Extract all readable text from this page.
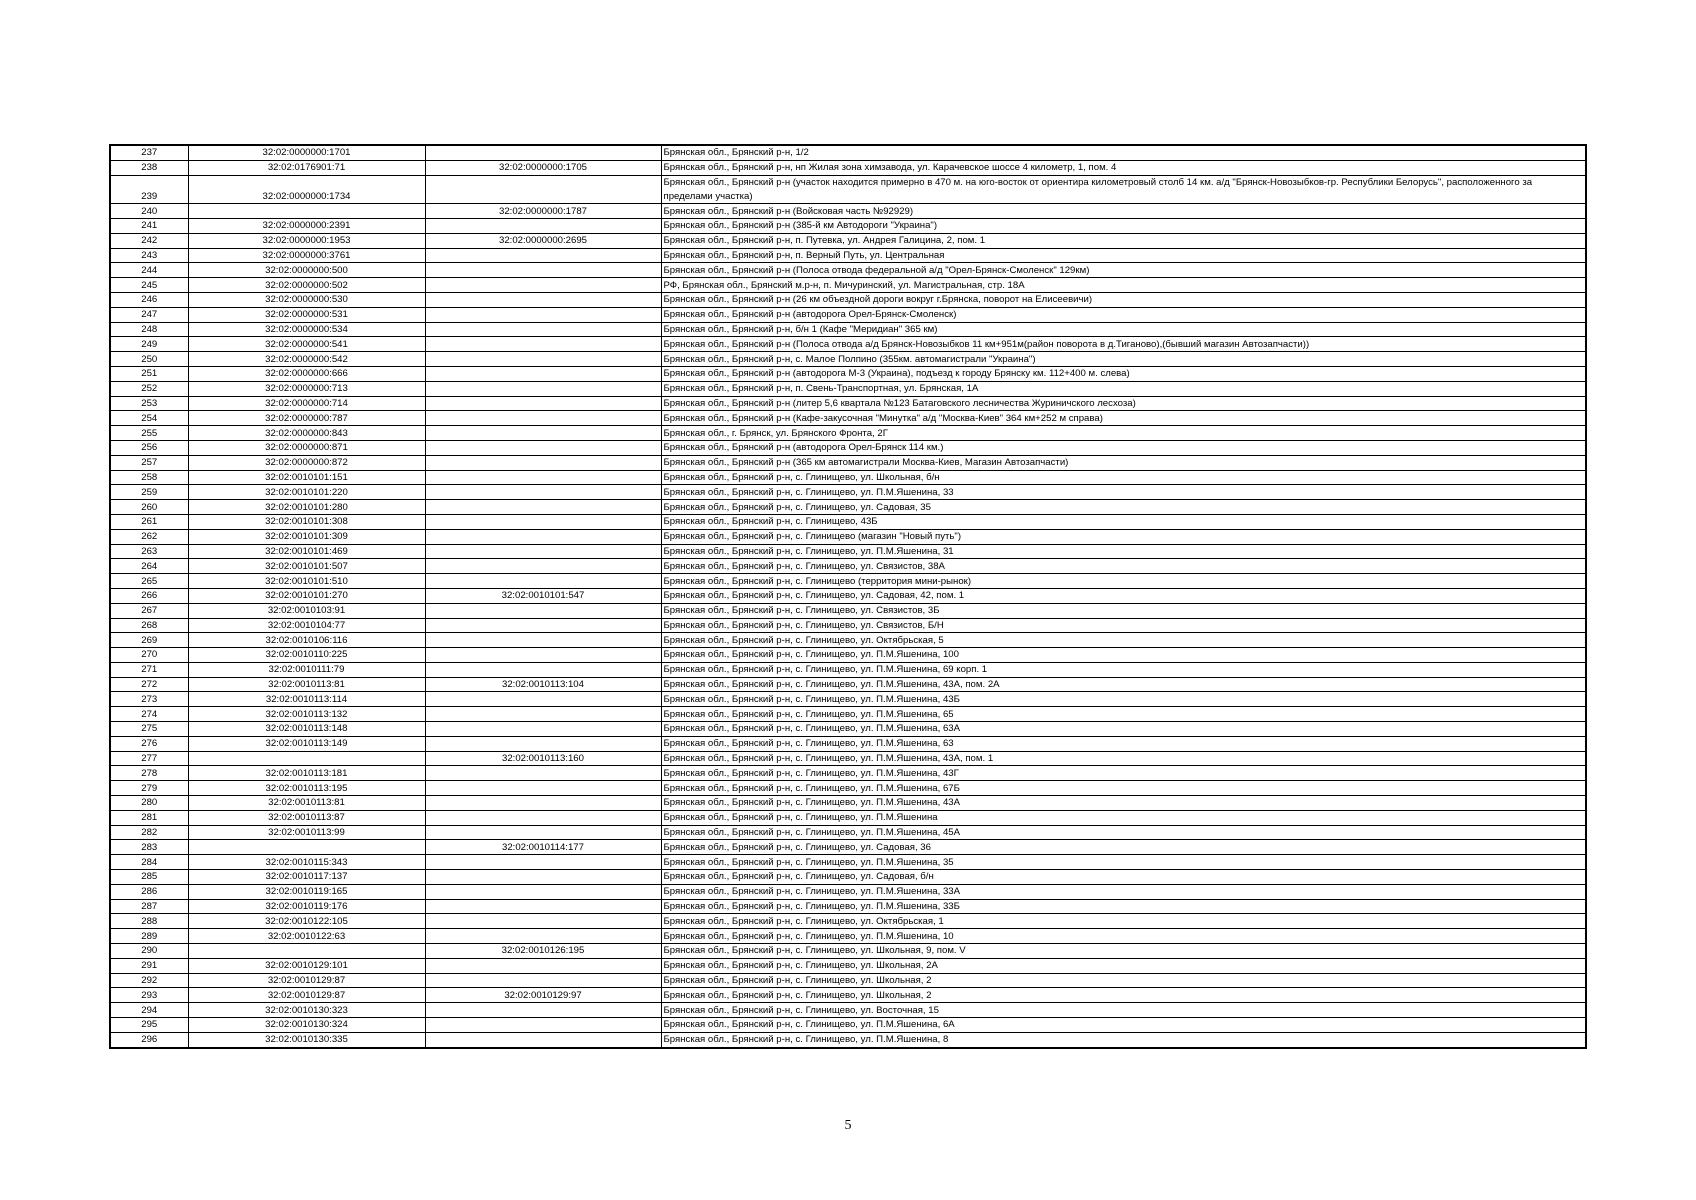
237	32:02:0000000:1701		Брянская обл., Брянский р-н, 1/2
238	32:02:0176901:71	32:02:0000000:1705	Брянская обл., Брянский р-н, нп Жилая зона химзавода, ул. Карачевское шоссе 4 километр, 1, пом. 4
239	32:02:0000000:1734		Брянская обл., Брянский р-н (участок находится примерно в 470 м. на юго-восток от ориентира километровый столб 14 км. а/д "Брянск-Новозыбков-гр. Республики Белорусь", расположенного за пределами участка)
240		32:02:0000000:1787	Брянская обл., Брянский р-н (Войсковая часть №92929)
241	32:02:0000000:2391		Брянская обл., Брянский р-н (385-й км Автодороги "Украина")
242	32:02:0000000:1953	32:02:0000000:2695	Брянская обл., Брянский р-н, п. Путевка, ул. Андрея Галицина, 2, пом. 1
243	32:02:0000000:3761		Брянская обл., Брянский р-н, п. Верный Путь, ул. Центральная
244	32:02:0000000:500		Брянская обл., Брянский р-н (Полоса отвода федеральной а/д "Орел-Брянск-Смоленск" 129км)
245	32:02:0000000:502		РФ, Брянская обл., Брянский м.р-н, п. Мичуринский, ул. Магистральная, стр. 18А
246	32:02:0000000:530		Брянская обл., Брянский р-н (26 км объездной дороги вокруг г.Брянска, поворот на Елисеевичи)
247	32:02:0000000:531		Брянская обл., Брянский р-н (автодорога Орел-Брянск-Смоленск)
248	32:02:0000000:534		Брянская обл., Брянский р-н, б/н 1 (Кафе "Меридиан" 365 км)
249	32:02:0000000:541		Брянская обл., Брянский р-н (Полоса отвода а/д Брянск-Новозыбков 11 км+951м(район поворота в д.Тиганово),(бывший магазин Автозапчасти))
250	32:02:0000000:542		Брянская обл., Брянский р-н, с. Малое Полпино (355км. автомагистрали "Украина")
251	32:02:0000000:666		Брянская обл., Брянский р-н (автодорога М-3 (Украина), подъезд к городу Брянску км. 112+400 м. слева)
252	32:02:0000000:713		Брянская обл., Брянский р-н, п. Свень-Транспортная, ул. Брянская, 1А
253	32:02:0000000:714		Брянская обл., Брянский р-н (литер 5,6 квартала №123 Батаговского лесничества Журиничского лесхоза)
254	32:02:0000000:787		Брянская обл., Брянский р-н (Кафе-закусочная "Минутка" а/д "Москва-Киев" 364 км+252 м справа)
255	32:02:0000000:843		Брянская обл., г. Брянск, ул. Брянского Фронта, 2Г
256	32:02:0000000:871		Брянская обл., Брянский р-н (автодорога Орел-Брянск 114 км.)
257	32:02:0000000:872		Брянская обл., Брянский р-н (365 км автомагистрали Москва-Киев, Магазин Автозапчасти)
258	32:02:0010101:151		Брянская обл., Брянский р-н, с. Глинищево, ул. Школьная, б/н
259	32:02:0010101:220		Брянская обл., Брянский р-н, с. Глинищево, ул. П.М.Яшенина, 33
260	32:02:0010101:280		Брянская обл., Брянский р-н, с. Глинищево, ул. Садовая, 35
261	32:02:0010101:308		Брянская обл., Брянский р-н, с. Глинищево, 43Б
262	32:02:0010101:309		Брянская обл., Брянский р-н, с. Глинищево (магазин "Новый путь")
263	32:02:0010101:469		Брянская обл., Брянский р-н, с. Глинищево, ул. П.М.Яшенина, 31
264	32:02:0010101:507		Брянская обл., Брянский р-н, с. Глинищево, ул. Связистов, 38А
265	32:02:0010101:510		Брянская обл., Брянский р-н, с. Глинищево (территория мини-рынок)
266	32:02:0010101:270	32:02:0010101:547	Брянская обл., Брянский р-н, с. Глинищево, ул. Садовая, 42, пом. 1
267	32:02:0010103:91		Брянская обл., Брянский р-н, с. Глинищево, ул. Связистов, 3Б
268	32:02:0010104:77		Брянская обл., Брянский р-н, с. Глинищево, ул. Связистов, Б/Н
269	32:02:0010106:116		Брянская обл., Брянский р-н, с. Глинищево, ул. Октябрьская, 5
270	32:02:0010110:225		Брянская обл., Брянский р-н, с. Глинищево, ул. П.М.Яшенина, 100
271	32:02:0010111:79		Брянская обл., Брянский р-н, с. Глинищево, ул. П.М.Яшенина, 69 корп. 1
272	32:02:0010113:81	32:02:0010113:104	Брянская обл., Брянский р-н, с. Глинищево, ул. П.М.Яшенина, 43А, пом. 2А
273	32:02:0010113:114		Брянская обл., Брянский р-н, с. Глинищево, ул. П.М.Яшенина, 43Б
274	32:02:0010113:132		Брянская обл., Брянский р-н, с. Глинищево, ул. П.М.Яшенина, 65
275	32:02:0010113:148		Брянская обл., Брянский р-н, с. Глинищево, ул. П.М.Яшенина, 63А
276	32:02:0010113:149		Брянская обл., Брянский р-н, с. Глинищево, ул. П.М.Яшенина, 63
277		32:02:0010113:160	Брянская обл., Брянский р-н, с. Глинищево, ул. П.М.Яшенина, 43А, пом. 1
278	32:02:0010113:181		Брянская обл., Брянский р-н, с. Глинищево, ул. П.М.Яшенина, 43Г
279	32:02:0010113:195		Брянская обл., Брянский р-н, с. Глинищево, ул. П.М.Яшенина, 67Б
280	32:02:0010113:81		Брянская обл., Брянский р-н, с. Глинищево, ул. П.М.Яшенина, 43А
281	32:02:0010113:87		Брянская обл., Брянский р-н, с. Глинищево, ул. П.М.Яшенина
282	32:02:0010113:99		Брянская обл., Брянский р-н, с. Глинищево, ул. П.М.Яшенина, 45А
283		32:02:0010114:177	Брянская обл., Брянский р-н, с. Глинищево, ул. Садовая, 36
284	32:02:0010115:343		Брянская обл., Брянский р-н, с. Глинищево, ул. П.М.Яшенина, 35
285	32:02:0010117:137		Брянская обл., Брянский р-н, с. Глинищево, ул. Садовая, б/н
286	32:02:0010119:165		Брянская обл., Брянский р-н, с. Глинищево, ул. П.М.Яшенина, 33А
287	32:02:0010119:176		Брянская обл., Брянский р-н, с. Глинищево, ул. П.М.Яшенина, 33Б
288	32:02:0010122:105		Брянская обл., Брянский р-н, с. Глинищево, ул. Октябрьская, 1
289	32:02:0010122:63		Брянская обл., Брянский р-н, с. Глинищево, ул. П.М.Яшенина, 10
290		32:02:0010126:195	Брянская обл., Брянский р-н, с. Глинищево, ул. Школьная, 9, пом. V
291	32:02:0010129:101		Брянская обл., Брянский р-н, с. Глинищево, ул. Школьная, 2А
292	32:02:0010129:87		Брянская обл., Брянский р-н, с. Глинищево, ул. Школьная, 2
293	32:02:0010129:87	32:02:0010129:97	Брянская обл., Брянский р-н, с. Глинищево, ул. Школьная, 2
294	32:02:0010130:323		Брянская обл., Брянский р-н, с. Глинищево, ул. Восточная, 15
295	32:02:0010130:324		Брянская обл., Брянский р-н, с. Глинищево, ул. П.М.Яшенина, 6А
296	32:02:0010130:335		Брянская обл., Брянский р-н, с. Глинищево, ул. П.М.Яшенина, 8
5
